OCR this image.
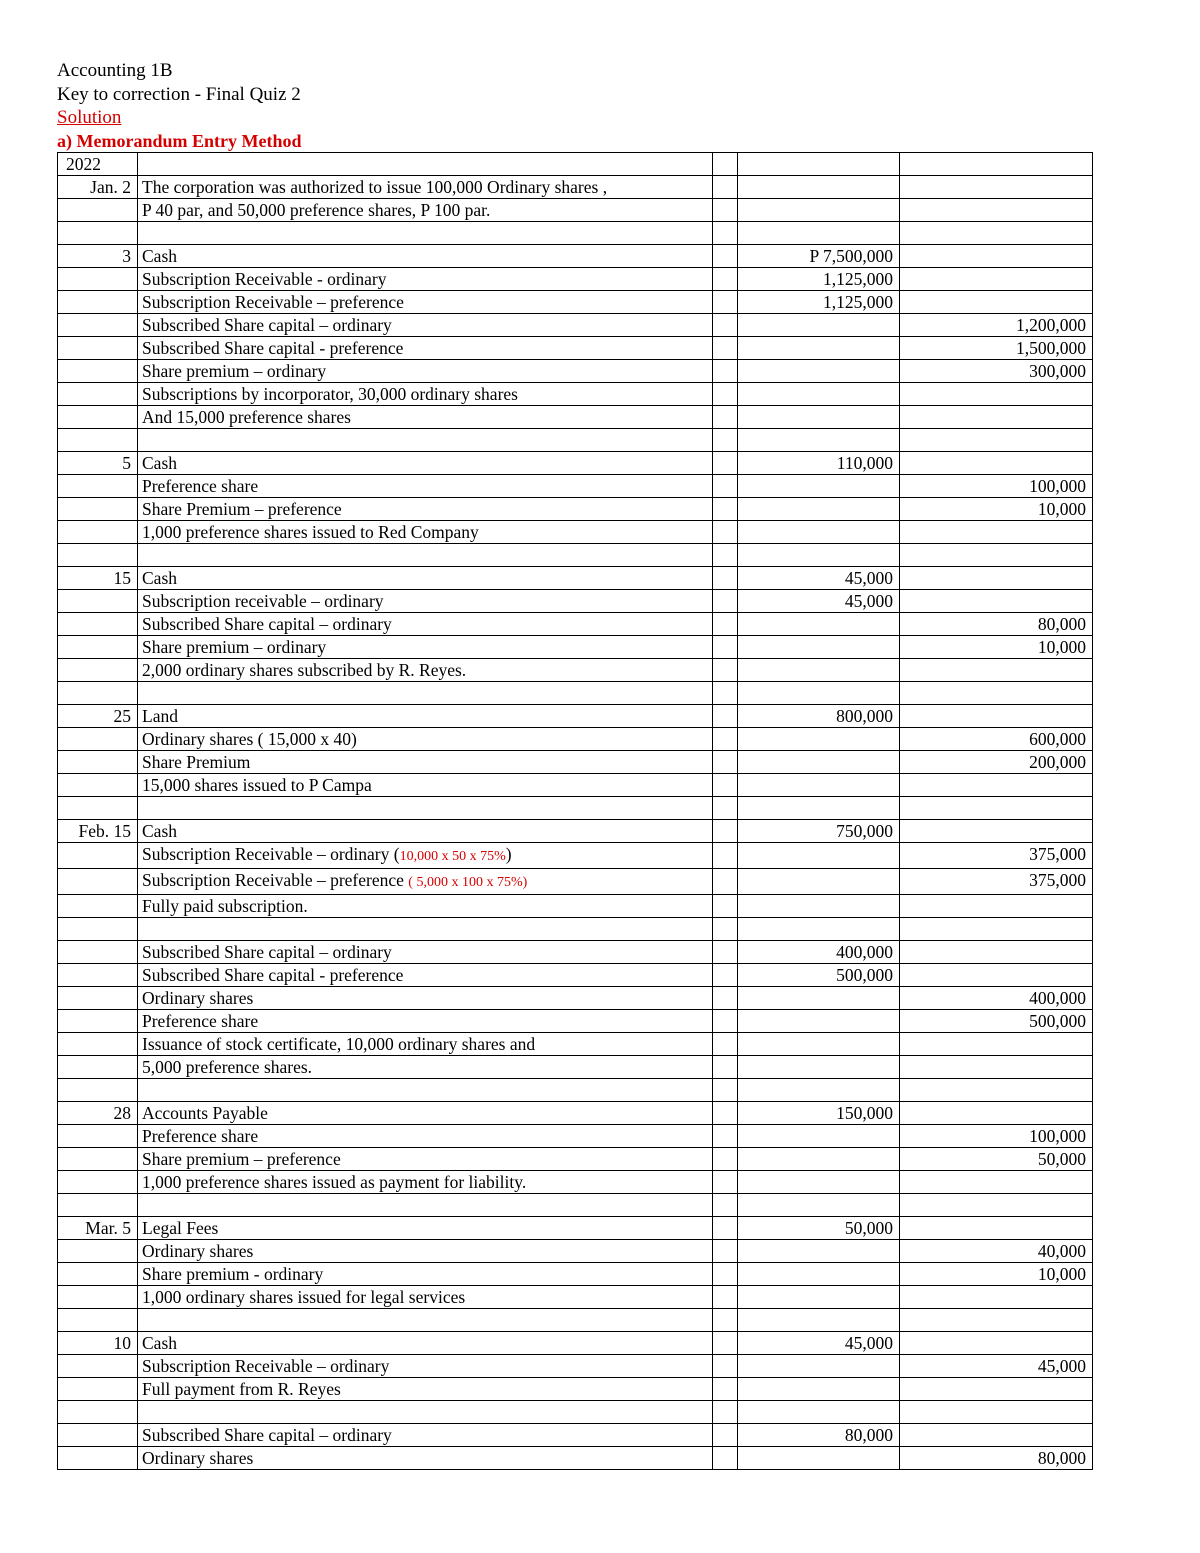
Accounting 1B
Key to correction - Final Quiz 2
Solution
a) Memorandum Entry Method
2022				
Jan. 2	The corporation was authorized to issue 100,000 Ordinary shares ,			
	P 40 par, and 50,000 preference shares, P 100 par.			

3	Cash		P 7,500,000	
	Subscription Receivable - ordinary		1,125,000	
	Subscription Receivable – preference		1,125,000	
	Subscribed Share capital – ordinary			1,200,000
	Subscribed Share capital - preference			1,500,000
	Share premium – ordinary			300,000
	Subscriptions by incorporator, 30,000 ordinary shares			
	And 15,000 preference shares			

5	Cash		110,000	
	Preference share			100,000
	Share Premium – preference			10,000
	1,000 preference shares issued to Red Company			

15	Cash		45,000	
	Subscription receivable – ordinary		45,000	
	Subscribed Share capital – ordinary			80,000
	Share premium – ordinary			10,000
	2,000 ordinary shares subscribed by R. Reyes.			

25	Land		800,000	
	Ordinary shares ( 15,000 x 40)			600,000
	Share Premium			200,000
	15,000 shares issued to P Campa			

Feb. 15	Cash		750,000	
	Subscription Receivable – ordinary (10,000 x 50 x 75%)			375,000
	Subscription Receivable – preference ( 5,000 x 100 x 75%)			375,000
	Fully paid subscription.			

	Subscribed Share capital – ordinary		400,000	
	Subscribed Share capital - preference		500,000	
	Ordinary shares			400,000
	Preference share			500,000
	Issuance of stock certificate, 10,000 ordinary shares and			
	5,000 preference shares.			

28	Accounts Payable		150,000	
	Preference share			100,000
	Share premium – preference			50,000
	1,000 preference shares issued as payment for liability.			

Mar. 5	Legal Fees		50,000	
	Ordinary shares			40,000
	Share premium - ordinary			10,000
	1,000 ordinary shares issued for legal services			

10	Cash		45,000	
	Subscription Receivable – ordinary			45,000
	Full payment from R. Reyes			

	Subscribed Share capital – ordinary		80,000	
	Ordinary shares			80,000
